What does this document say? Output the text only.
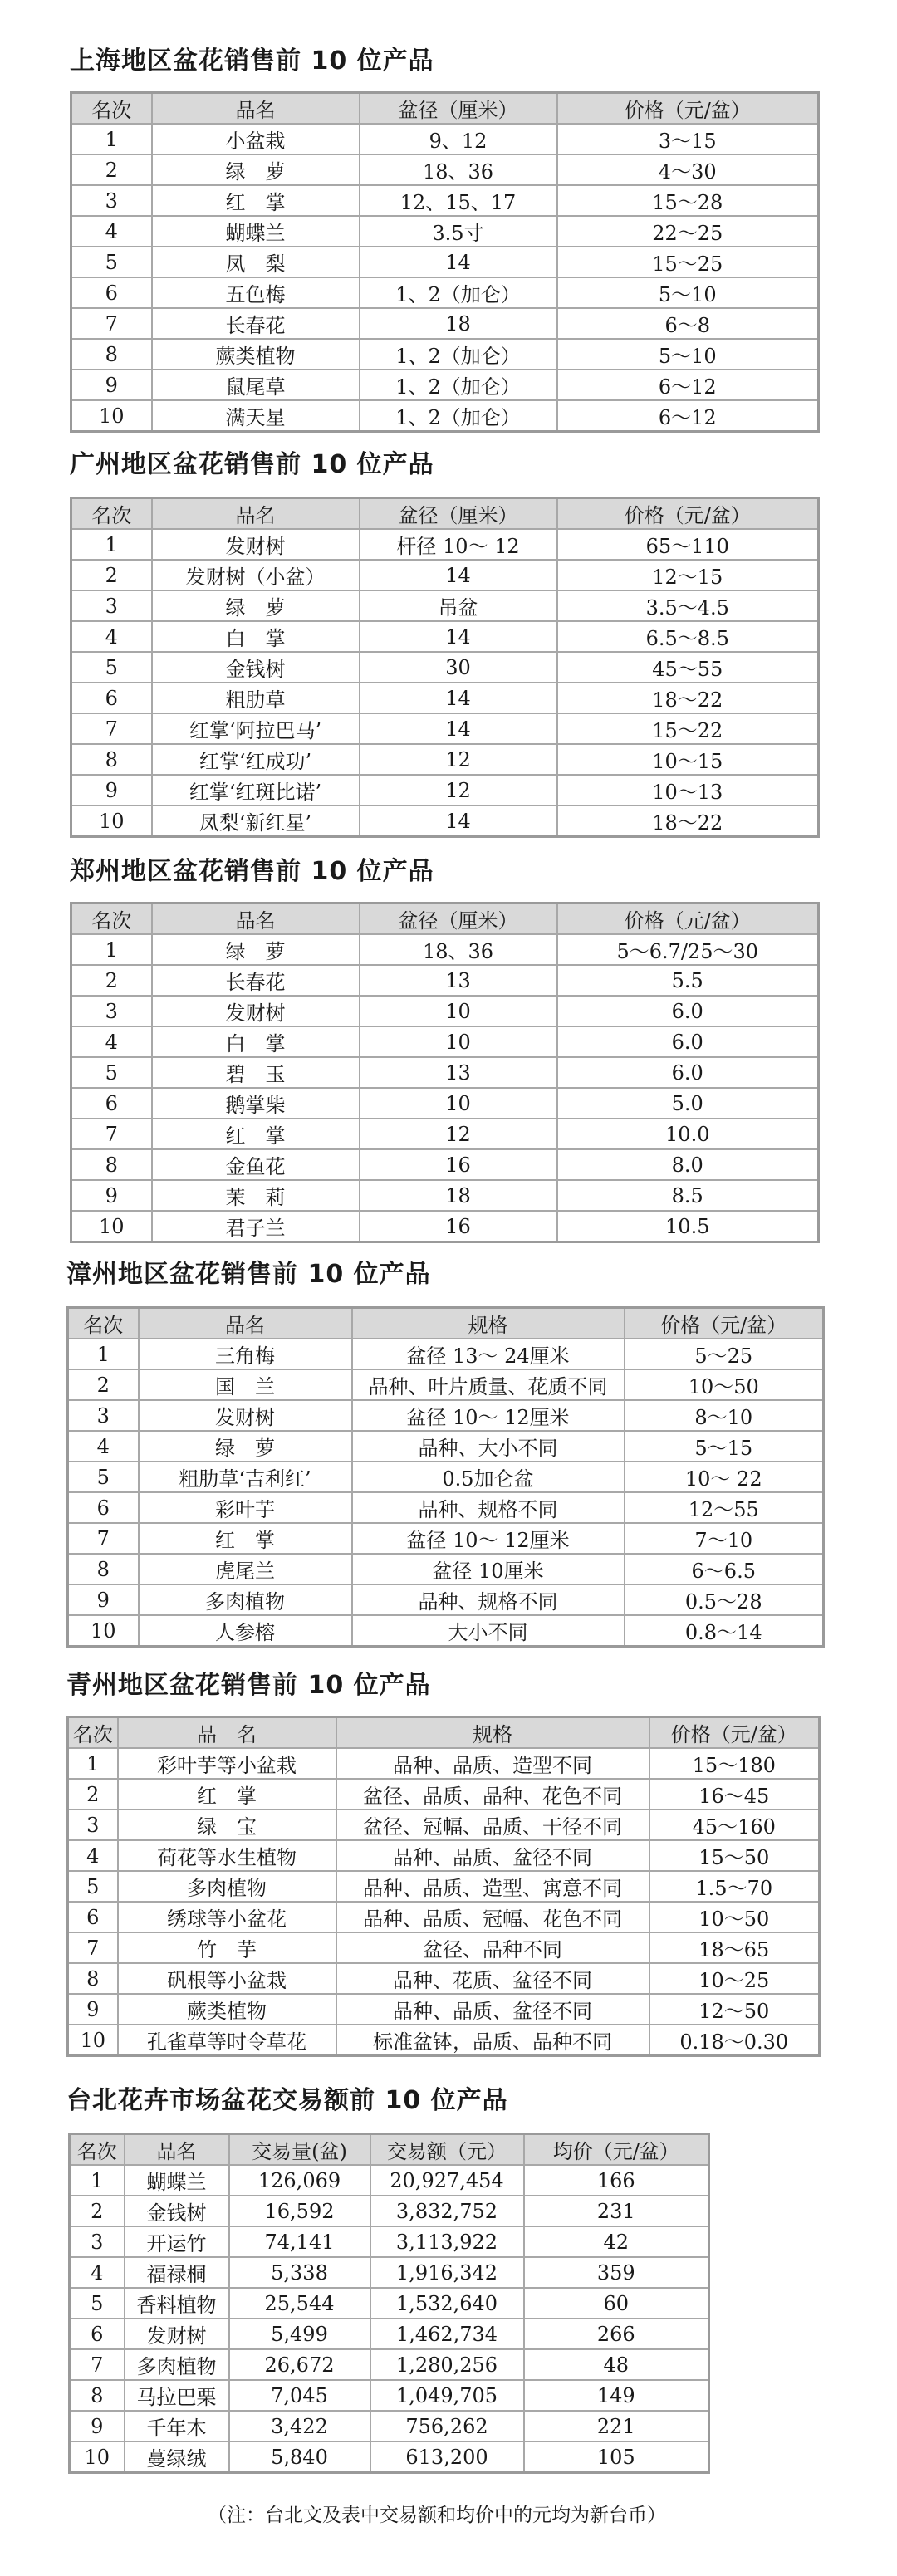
上海地区盆花销售前 10 位产品
名次	品名	盆径（厘米）	价格（元/盆）
1	小盆栽	9、12	3～15
2	绿　萝	18、36	4～30
3	红　掌	12、15、17	15～28
4	蝴蝶兰	3.5寸	22～25
5	凤　梨	14	15～25
6	五色梅	1、2（加仑）	5～10
7	长春花	18	6～8
8	蕨类植物	1、2（加仑）	5～10
9	鼠尾草	1、2（加仑）	6～12
10	满天星	1、2（加仑）	6～12
广州地区盆花销售前 10 位产品
名次	品名	盆径（厘米）	价格（元/盆）
1	发财树	杆径 10～ 12	65～110
2	发财树（小盆）	14	12～15
3	绿　萝	吊盆	3.5～4.5
4	白　掌	14	6.5～8.5
5	金钱树	30	45～55
6	粗肋草	14	18～22
7	红掌‘阿拉巴马’	14	15～22
8	红掌‘红成功’	12	10～15
9	红掌‘红斑比诺’	12	10～13
10	凤梨‘新红星’	14	18～22
郑州地区盆花销售前 10 位产品
名次	品名	盆径（厘米）	价格（元/盆）
1	绿　萝	18、36	5～6.7/25～30
2	长春花	13	5.5
3	发财树	10	6.0
4	白　掌	10	6.0
5	碧　玉	13	6.0
6	鹅掌柴	10	5.0
7	红　掌	12	10.0
8	金鱼花	16	8.0
9	茉　莉	18	8.5
10	君子兰	16	10.5
漳州地区盆花销售前 10 位产品
名次	品名	规格	价格（元/盆）
1	三角梅	盆径 13～ 24厘米	5～25
2	国　兰	品种、叶片质量、花质不同	10～50
3	发财树	盆径 10～ 12厘米	8～10
4	绿　萝	品种、大小不同	5～15
5	粗肋草‘吉利红’	0.5加仑盆	10～ 22
6	彩叶芋	品种、规格不同	12～55
7	红　掌	盆径 10～ 12厘米	7～10
8	虎尾兰	盆径 10厘米	6～6.5
9	多肉植物	品种、规格不同	0.5～28
10	人参榕	大小不同	0.8～14
青州地区盆花销售前 10 位产品
名次	品　名	规格	价格（元/盆）
1	彩叶芋等小盆栽	品种、品质、造型不同	15～180
2	红　掌	盆径、品质、品种、花色不同	16～45
3	绿　宝	盆径、冠幅、品质、干径不同	45～160
4	荷花等水生植物	品种、品质、盆径不同	15～50
5	多肉植物	品种、品质、造型、寓意不同	1.5～70
6	绣球等小盆花	品种、品质、冠幅、花色不同	10～50
7	竹　芋	盆径、品种不同	18～65
8	矾根等小盆栽	品种、花质、盆径不同	10～25
9	蕨类植物	品种、品质、盆径不同	12～50
10	孔雀草等时令草花	标准盆钵，品质、品种不同	0.18～0.30
台北花卉市场盆花交易额前 10 位产品
名次	品名	交易量(盆)	交易额（元）	均价（元/盆）
1	蝴蝶兰	126,069	20,927,454	166
2	金钱树	16,592	3,832,752	231
3	开运竹	74,141	3,113,922	42
4	福禄桐	5,338	1,916,342	359
5	香料植物	25,544	1,532,640	60
6	发财树	5,499	1,462,734	266
7	多肉植物	26,672	1,280,256	48
8	马拉巴栗	7,045	1,049,705	149
9	千年木	3,422	756,262	221
10	蔓绿绒	5,840	613,200	105
（注：台北文及表中交易额和均价中的元均为新台币）
